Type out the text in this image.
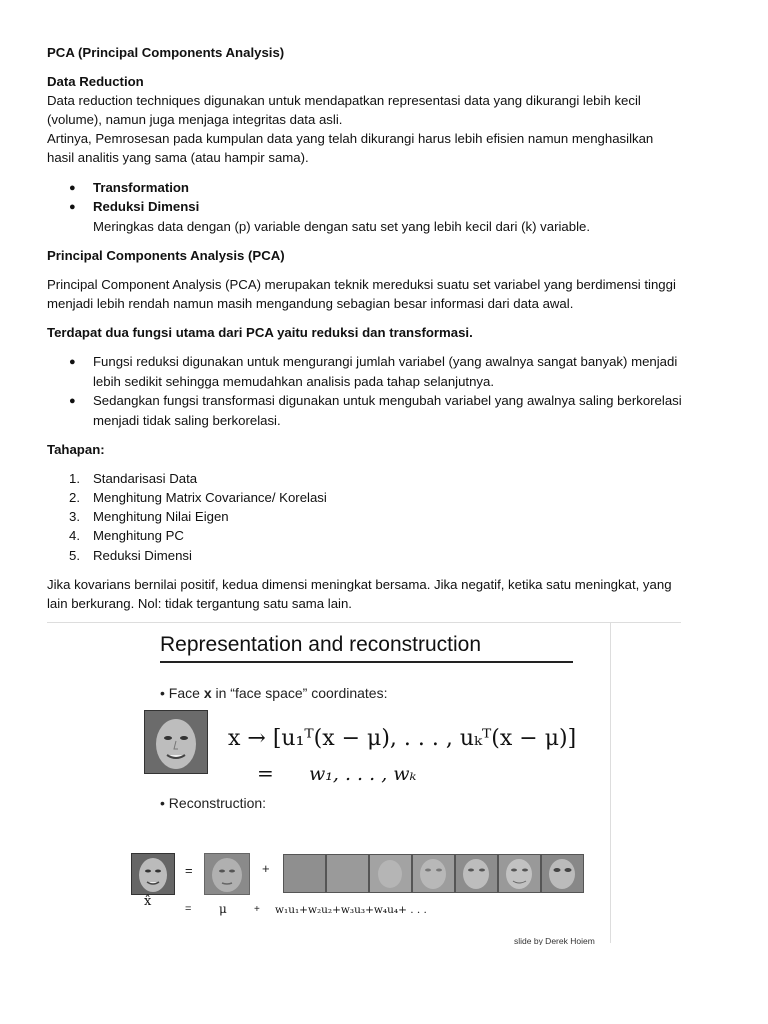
PCA (Principal Components Analysis)

Data Reduction

Data reduction techniques digunakan untuk mendapatkan representasi data yang dikurangi lebih kecil

(volume), namun juga menjaga integritas data asli.

Artinya, Pemrosesan pada kumpulan data yang telah dikurangi harus lebih efisien namun menghasilkan

hasil analitis yang sama (atau hampir sama).

● Transformation
● Reduksi Dimensi
Meringkas data dengan (p) variable dengan satu set yang lebih kecil dari (k) variable.

Principal Components Analysis (PCA)

Principal Component Analysis (PCA) merupakan teknik mereduksi suatu set variabel yang berdimensi tinggi

menjadi lebih rendah namun masih mengandung sebagian besar informasi dari data awal.

Terdapat dua fungsi utama dari PCA yaitu reduksi dan transformasi.

● Fungsi reduksi digunakan untuk mengurangi jumlah variabel (yang awalnya sangat banyak) menjadi
lebih sedikit sehingga memudahkan analisis pada tahap selanjutnya.
● Sedangkan fungsi transformasi digunakan untuk mengubah variabel yang awalnya saling berkorelasi
menjadi tidak saling berkorelasi.

Tahapan:

1. Standarisasi Data
2. Menghitung Matrix Covariance/ Korelasi
3. Menghitung Nilai Eigen
4. Menghitung PC
5. Reduksi Dimensi

Jika kovarians bernilai positif, kedua dimensi meningkat bersama. Jika negatif, ketika satu meningkat, yang

lain berkurang. Nol: tidak tergantung satu sama lain.

Representation and reconstruction
• Face x in “face space” coordinates:
x → [u₁ᵀ(x − μ), . . . , uₖᵀ(x − μ)]
= w₁, . . . , wₖ
• Reconstruction:
=	+
x̂	= μ	+ w₁u₁+w₂u₂+w₃u₃+w₄u₄+ . . .
slide by Derek Hoiem
